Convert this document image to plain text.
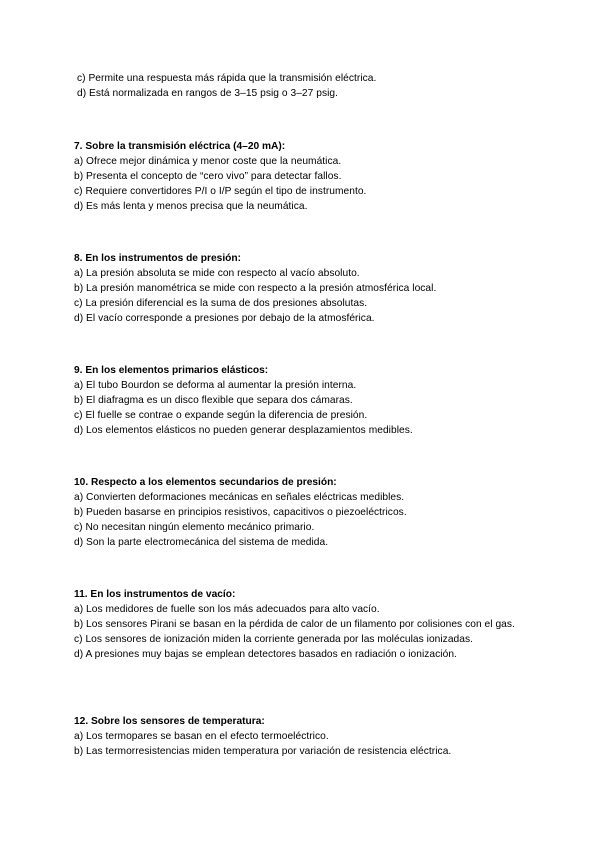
c) Permite una respuesta más rápida que la transmisión eléctrica.
d) Está normalizada en rangos de 3–15 psig o 3–27 psig.
7. Sobre la transmisión eléctrica (4–20 mA):
a) Ofrece mejor dinámica y menor coste que la neumática.
b) Presenta el concepto de “cero vivo” para detectar fallos.
c) Requiere convertidores P/I o I/P según el tipo de instrumento.
d) Es más lenta y menos precisa que la neumática.
8. En los instrumentos de presión:
a) La presión absoluta se mide con respecto al vacío absoluto.
b) La presión manométrica se mide con respecto a la presión atmosférica local.
c) La presión diferencial es la suma de dos presiones absolutas.
d) El vacío corresponde a presiones por debajo de la atmosférica.
9. En los elementos primarios elásticos:
a) El tubo Bourdon se deforma al aumentar la presión interna.
b) El diafragma es un disco flexible que separa dos cámaras.
c) El fuelle se contrae o expande según la diferencia de presión.
d) Los elementos elásticos no pueden generar desplazamientos medibles.
10. Respecto a los elementos secundarios de presión:
a) Convierten deformaciones mecánicas en señales eléctricas medibles.
b) Pueden basarse en principios resistivos, capacitivos o piezoeléctricos.
c) No necesitan ningún elemento mecánico primario.
d) Son la parte electromecánica del sistema de medida.
11. En los instrumentos de vacío:
a) Los medidores de fuelle son los más adecuados para alto vacío.
b) Los sensores Pirani se basan en la pérdida de calor de un filamento por colisiones con el gas.
c) Los sensores de ionización miden la corriente generada por las moléculas ionizadas.
d) A presiones muy bajas se emplean detectores basados en radiación o ionización.
12. Sobre los sensores de temperatura:
a) Los termopares se basan en el efecto termoeléctrico.
b) Las termorresistencias miden temperatura por variación de resistencia eléctrica.
